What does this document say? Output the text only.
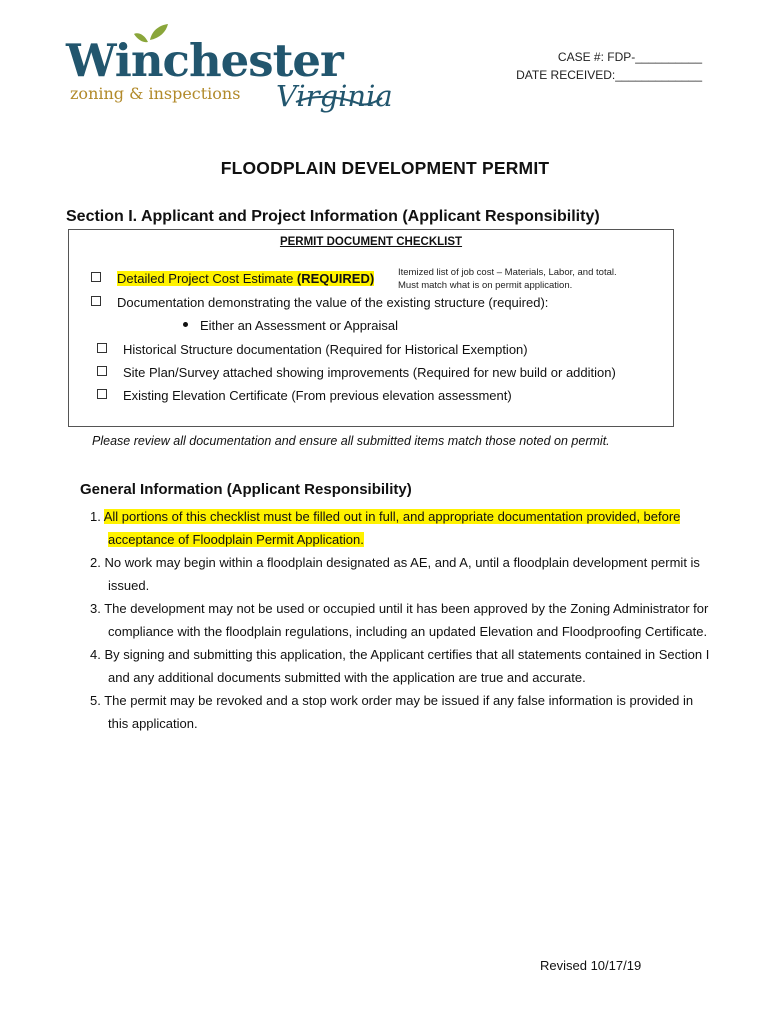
Winchester
zoning & inspections Virginia
CASE #: FDP-__________
DATE RECEIVED:_____________
FLOODPLAIN DEVELOPMENT PERMIT
Section I. Applicant and Project Information (Applicant Responsibility)
PERMIT DOCUMENT CHECKLIST
Detailed Project Cost Estimate (REQUIRED)	Itemized list of job cost – Materials, Labor, and total.
Must match what is on permit application.
Documentation demonstrating the value of the existing structure (required):
Either an Assessment or Appraisal
Historical Structure documentation (Required for Historical Exemption)
Site Plan/Survey attached showing improvements (Required for new build or addition)
Existing Elevation Certificate (From previous elevation assessment)
Please review all documentation and ensure all submitted items match those noted on permit.
General Information (Applicant Responsibility)
1. All portions of this checklist must be filled out in full, and appropriate documentation provided, before acceptance of Floodplain Permit Application.
2. No work may begin within a floodplain designated as AE, and A, until a floodplain development permit is issued.
3. The development may not be used or occupied until it has been approved by the Zoning Administrator for compliance with the floodplain regulations, including an updated Elevation and Floodproofing Certificate.
4. By signing and submitting this application, the Applicant certifies that all statements contained in Section I and any additional documents submitted with the application are true and accurate.
5. The permit may be revoked and a stop work order may be issued if any false information is provided in this application.
Revised 10/17/19
